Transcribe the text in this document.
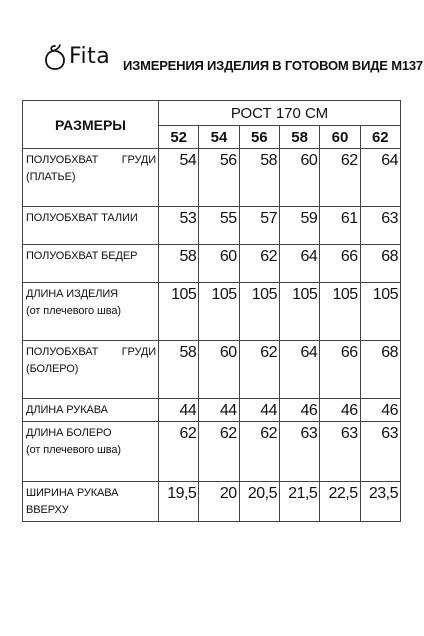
Fita ИЗМЕРЕНИЯ ИЗДЕЛИЯ В ГОТОВОМ ВИДЕ М137
РАЗМЕРЫ	РОСТ 170 СМ					
	52	54	56	58	60	62

ПОЛУОБХВАТ ГРУДИ
(ПЛАТЬЕ)	54	56	58	60	62	64

ПОЛУОБХВАТ ТАЛИИ	53	55	57	59	61	63

ПОЛУОБХВАТ БЕДЕР	58	60	62	64	66	68

ДЛИНА ИЗДЕЛИЯ
(от плечевого шва)	105	105	105	105	105	105

ПОЛУОБХВАТ ГРУДИ
(БОЛЕРО)	58	60	62	64	66	68

ДЛИНА РУКАВА	44	44	44	46	46	46

ДЛИНА БОЛЕРО
(от плечевого шва)	62	62	62	63	63	63

ШИРИНА РУКАВА
ВВЕРХУ	19,5	20	20,5	21,5	22,5	23,5
